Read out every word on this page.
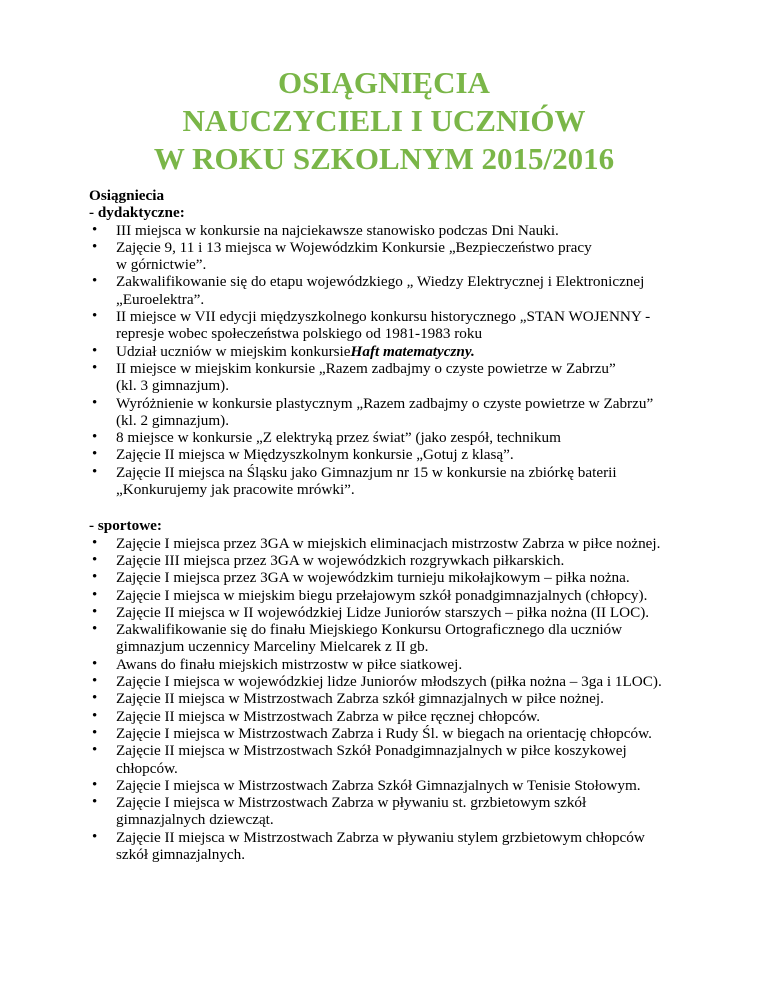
OSIĄGNIĘCIA
NAUCZYCIELI I UCZNIÓW
W ROKU SZKOLNYM 2015/2016
Osiągniecia
- dydaktyczne:
• III miejsca w konkursie na najciekawsze stanowisko podczas Dni Nauki.
• Zajęcie 9, 11 i 13 miejsca w Wojewódzkim Konkursie „Bezpieczeństwo pracy
w górnictwie”.
• Zakwalifikowanie się do etapu wojewódzkiego „ Wiedzy Elektrycznej i Elektronicznej
„Euroelektra”.
• II miejsce w VII edycji międzyszkolnego konkursu historycznego „STAN WOJENNY -
represje wobec społeczeństwa polskiego od 1981-1983 roku
• Udział uczniów w miejskim konkursieHaft matematyczny.
• II miejsce w miejskim konkursie „Razem zadbajmy o czyste powietrze w Zabrzu”
(kl. 3 gimnazjum).
• Wyróżnienie w konkursie plastycznym „Razem zadbajmy o czyste powietrze w Zabrzu”
(kl. 2 gimnazjum).
• 8 miejsce w konkursie „Z elektryką przez świat” (jako zespół, technikum
• Zajęcie II miejsca w Międzyszkolnym konkursie „Gotuj z klasą”.
• Zajęcie II miejsca na Śląsku jako Gimnazjum nr 15 w konkursie na zbiórkę baterii
„Konkurujemy jak pracowite mrówki”.
- sportowe:
• Zajęcie I miejsca przez 3GA w miejskich eliminacjach mistrzostw Zabrza w piłce nożnej.
• Zajęcie III miejsca przez 3GA w wojewódzkich rozgrywkach piłkarskich.
• Zajęcie I miejsca przez 3GA w wojewódzkim turnieju mikołajkowym – piłka nożna.
• Zajęcie I miejsca w miejskim biegu przełajowym szkół ponadgimnazjalnych (chłopcy).
• Zajęcie II miejsca w II wojewódzkiej Lidze Juniorów starszych – piłka nożna (II LOC).
• Zakwalifikowanie się do finału Miejskiego Konkursu Ortograficznego dla uczniów
gimnazjum uczennicy Marceliny Mielcarek z II gb.
• Awans do finału miejskich mistrzostw w piłce siatkowej.
• Zajęcie I miejsca w wojewódzkiej lidze Juniorów młodszych (piłka nożna – 3ga i 1LOC).
• Zajęcie II miejsca w Mistrzostwach Zabrza szkół gimnazjalnych w piłce nożnej.
• Zajęcie II miejsca w Mistrzostwach Zabrza w piłce ręcznej chłopców.
• Zajęcie I miejsca w Mistrzostwach Zabrza i Rudy Śl. w biegach na orientację chłopców.
• Zajęcie II miejsca w Mistrzostwach Szkół Ponadgimnazjalnych w piłce koszykowej
chłopców.
• Zajęcie I miejsca w Mistrzostwach Zabrza Szkół Gimnazjalnych w Tenisie Stołowym.
• Zajęcie I miejsca w Mistrzostwach Zabrza w pływaniu st. grzbietowym szkół
gimnazjalnych dziewcząt.
• Zajęcie II miejsca w Mistrzostwach Zabrza w pływaniu stylem grzbietowym chłopców
szkół gimnazjalnych.
